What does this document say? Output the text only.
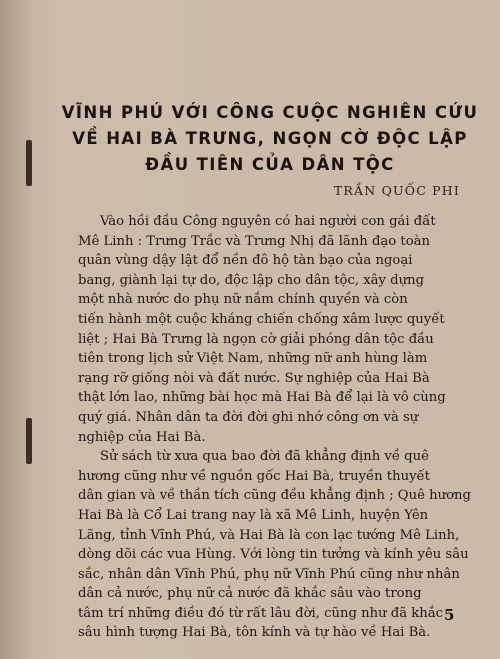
VĨNH PHÚ VỚI CÔNG CUỘC NGHIÊN CỨU
VỀ HAI BÀ TRƯNG, NGỌN CỜ ĐỘC LẬP
ĐẦU TIÊN CỦA DÂN TỘC
TRẦN QUỐC PHI
Vào hồi đầu Công nguyên có hai người con gái đất
Mê Linh : Trưng Trắc và Trưng Nhị đã lãnh đạo toàn
quân vùng dậy lật đổ nền đô hộ tàn bạo của ngoại
bang, giành lại tự do, độc lập cho dân tộc, xây dựng
một nhà nước do phụ nữ nắm chính quyền và còn
tiến hành một cuộc kháng chiến chống xâm lược quyết
liệt ; Hai Bà Trưng là ngọn cờ giải phóng dân tộc đầu
tiên trong lịch sử Việt Nam, những nữ anh hùng làm
rạng rỡ giống nòi và đất nước. Sự nghiệp của Hai Bà
thật lớn lao, những bài học mà Hai Bà để lại là vô cùng
quý giá. Nhân dân ta đời đời ghi nhớ công ơn và sự
nghiệp của Hai Bà.
Sử sách từ xưa qua bao đời đã khẳng định về quê
hương cũng như về nguồn gốc Hai Bà, truyền thuyết
dân gian và về thần tích cũng đều khẳng định ; Quê hương
Hai Bà là Cổ Lai trang nay là xã Mê Linh, huyện Yên
Lãng, tỉnh Vĩnh Phú, và Hai Bà là con lạc tướng Mê Linh,
dòng dõi các vua Hùng. Với lòng tin tưởng và kính yêu sâu
sắc, nhân dân Vĩnh Phú, phụ nữ Vĩnh Phú cũng như nhân
dân cả nước, phụ nữ cả nước đã khắc sâu vào trong
tâm trí những điều đó từ rất lâu đời, cũng như đã khắc
sâu hình tượng Hai Bà, tôn kính và tự hào về Hai Bà.
5
